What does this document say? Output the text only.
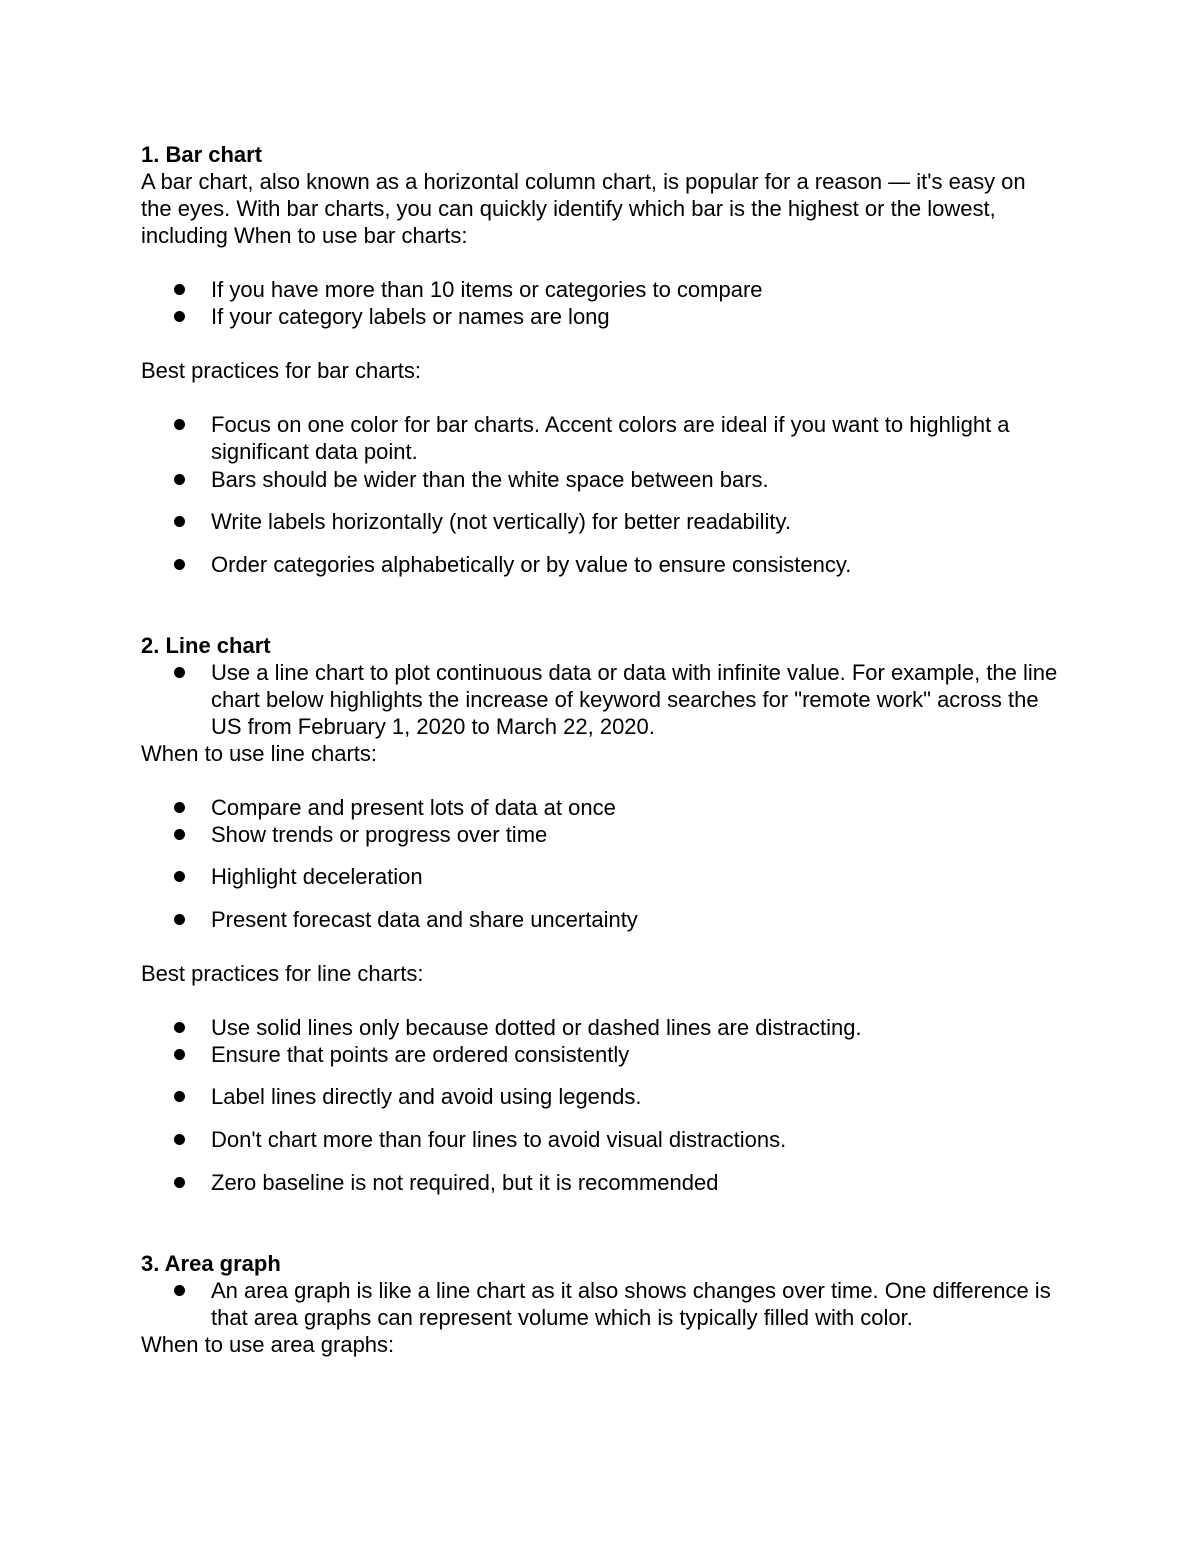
1. Bar chart

A bar chart, also known as a horizontal column chart, is popular for a reason — it's easy on the eyes. With bar charts, you can quickly identify which bar is the highest or the lowest, including When to use bar charts:

If you have more than 10 items or categories to compare
If your category labels or names are long

Best practices for bar charts:

Focus on one color for bar charts. Accent colors are ideal if you want to highlight a significant data point.
Bars should be wider than the white space between bars.
Write labels horizontally (not vertically) for better readability.
Order categories alphabetically or by value to ensure consistency.

2. Line chart

Use a line chart to plot continuous data or data with infinite value. For example, the line chart below highlights the increase of keyword searches for "remote work" across the US from February 1, 2020 to March 22, 2020.

When to use line charts:

Compare and present lots of data at once
Show trends or progress over time
Highlight deceleration
Present forecast data and share uncertainty

Best practices for line charts:

Use solid lines only because dotted or dashed lines are distracting.
Ensure that points are ordered consistently
Label lines directly and avoid using legends.
Don't chart more than four lines to avoid visual distractions.
Zero baseline is not required, but it is recommended

3. Area graph

An area graph is like a line chart as it also shows changes over time. One difference is that area graphs can represent volume which is typically filled with color.

When to use area graphs:
